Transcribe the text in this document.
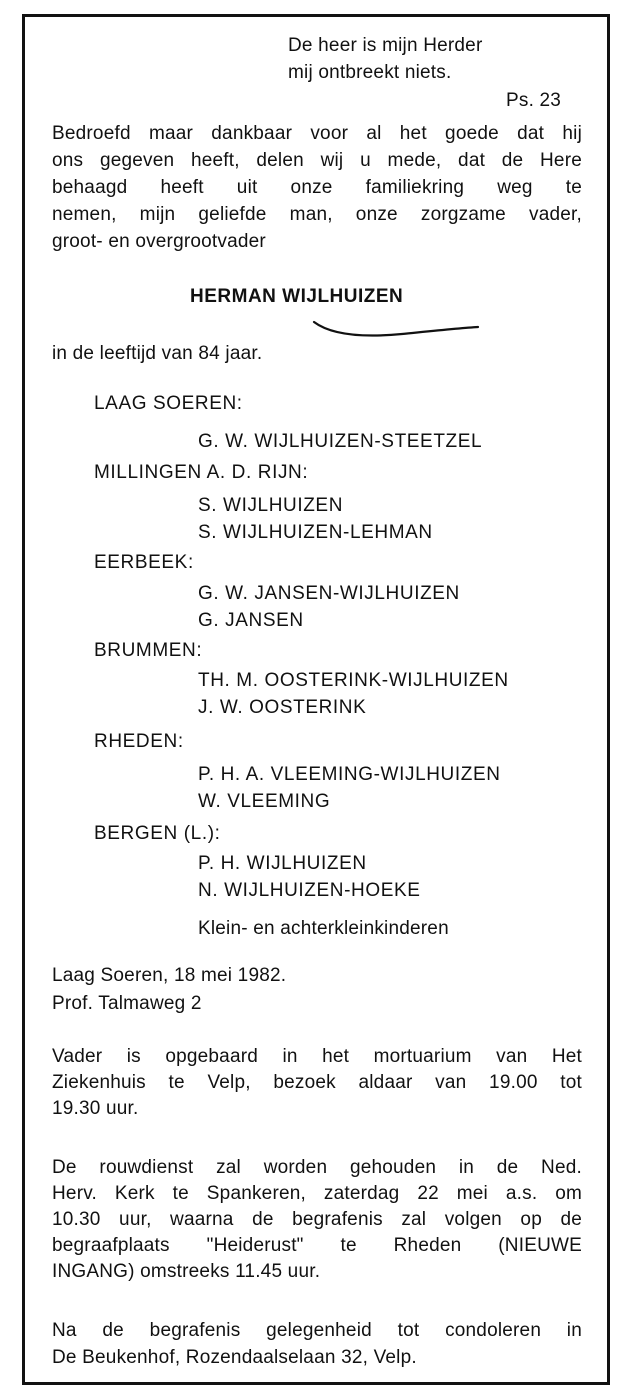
De heer is mijn Herder
mij ontbreekt niets.
Ps. 23
Bedroefd maar dankbaar voor al het goede dat hij
ons gegeven heeft, delen wij u mede, dat de Here
behaagd heeft uit onze familiekring weg te
nemen, mijn geliefde man, onze zorgzame vader,
groot- en overgrootvader
HERMAN WIJLHUIZEN
in de leeftijd van 84 jaar.
LAAG SOEREN:
G. W. WIJLHUIZEN-STEETZEL
MILLINGEN A. D. RIJN:
S. WIJLHUIZEN
S. WIJLHUIZEN-LEHMAN
EERBEEK:
G. W. JANSEN-WIJLHUIZEN
G. JANSEN
BRUMMEN:
TH. M. OOSTERINK-WIJLHUIZEN
J. W. OOSTERINK
RHEDEN:
P. H. A. VLEEMING-WIJLHUIZEN
W. VLEEMING
BERGEN (L.):
P. H. WIJLHUIZEN
N. WIJLHUIZEN-HOEKE
Klein- en achterkleinkinderen
Laag Soeren, 18 mei 1982.
Prof. Talmaweg 2
Vader is opgebaard in het mortuarium van Het
Ziekenhuis te Velp, bezoek aldaar van 19.00 tot
19.30 uur.
De rouwdienst zal worden gehouden in de Ned.
Herv. Kerk te Spankeren, zaterdag 22 mei a.s. om
10.30 uur, waarna de begrafenis zal volgen op de
begraafplaats "Heiderust" te Rheden (NIEUWE
INGANG) omstreeks 11.45 uur.
Na de begrafenis gelegenheid tot condoleren in
De Beukenhof, Rozendaalselaan 32, Velp.
